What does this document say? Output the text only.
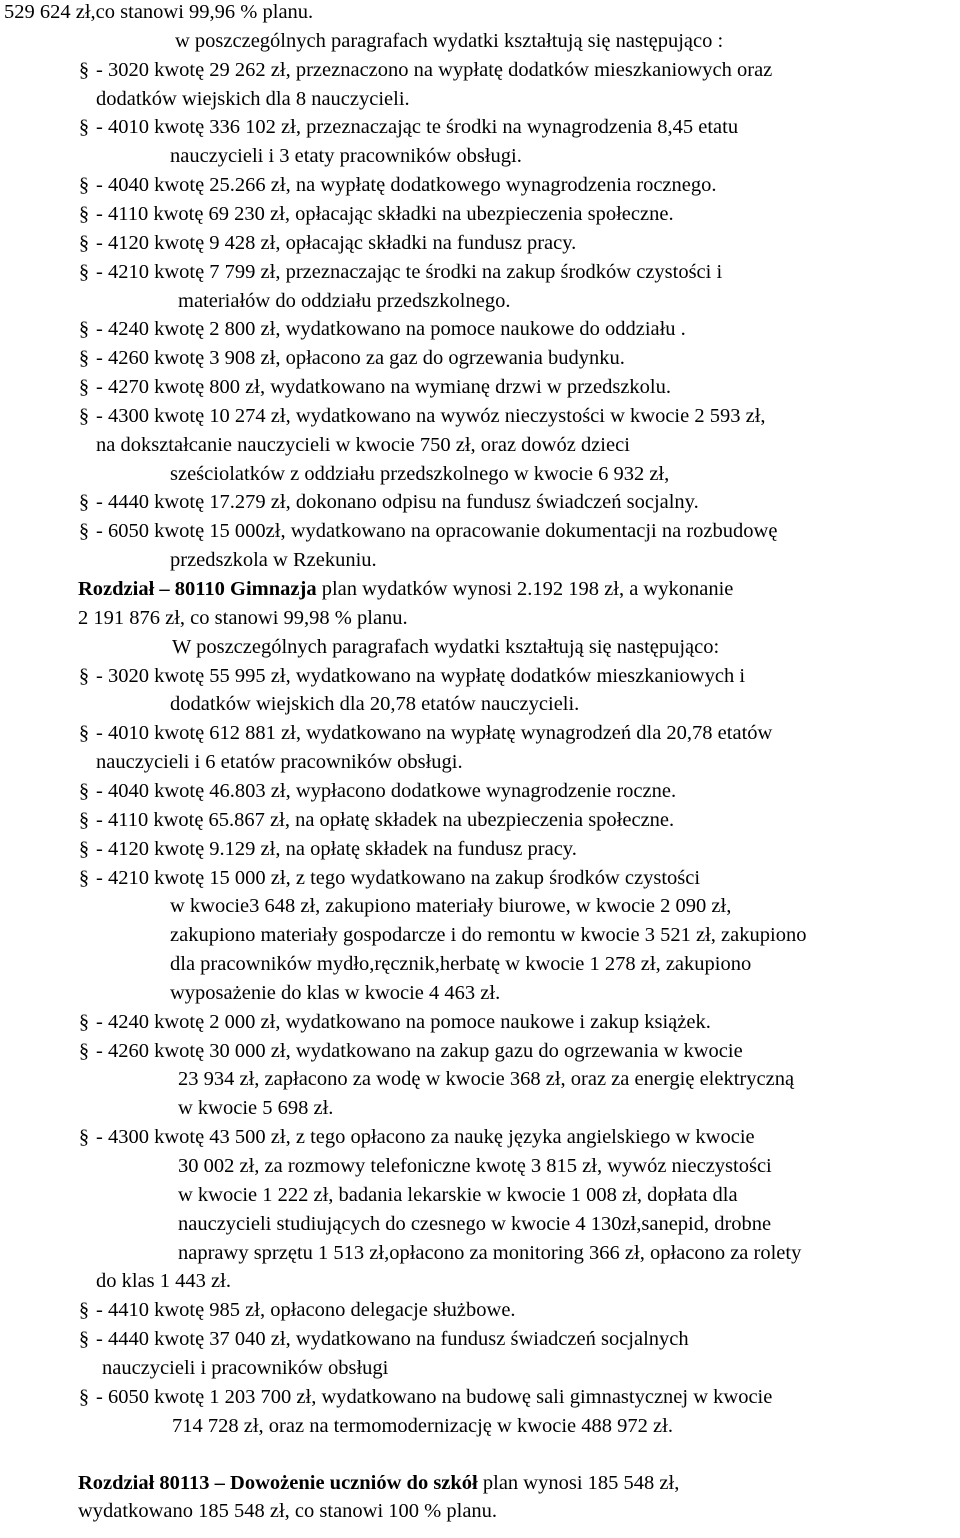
529 624 zł,co stanowi 99,96 % planu.
w poszczególnych paragrafach wydatki kształtują się następująco :
§ - 3020 kwotę 29 262 zł, przeznaczono na wypłatę dodatków mieszkaniowych oraz
dodatków wiejskich dla 8 nauczycieli.
§ - 4010 kwotę 336 102 zł, przeznaczając te środki na wynagrodzenia 8,45 etatu
nauczycieli i 3 etaty pracowników obsługi.
§ - 4040 kwotę 25.266 zł, na wypłatę dodatkowego wynagrodzenia rocznego.
§ - 4110 kwotę 69 230 zł, opłacając składki na ubezpieczenia społeczne.
§ - 4120 kwotę 9 428 zł, opłacając składki na fundusz pracy.
§ - 4210 kwotę 7 799 zł, przeznaczając te środki na zakup środków czystości i
materiałów do oddziału przedszkolnego.
§ - 4240 kwotę 2 800 zł, wydatkowano na pomoce naukowe do oddziału .
§ - 4260 kwotę 3 908 zł, opłacono za gaz do ogrzewania budynku.
§ - 4270 kwotę 800 zł, wydatkowano na wymianę drzwi w przedszkolu.
§ - 4300 kwotę 10 274 zł, wydatkowano na wywóz nieczystości w kwocie 2 593 zł,
na dokształcanie nauczycieli w kwocie 750 zł, oraz dowóz dzieci
sześciolatków z oddziału przedszkolnego w kwocie 6 932 zł,
§ - 4440 kwotę 17.279 zł, dokonano odpisu na fundusz świadczeń socjalny.
§ - 6050 kwotę 15 000zł, wydatkowano na opracowanie dokumentacji na rozbudowę
przedszkola w Rzekuniu.
Rozdział – 80110 Gimnazja plan wydatków wynosi 2.192 198 zł, a wykonanie
2 191 876 zł, co stanowi 99,98 % planu.
W poszczególnych paragrafach wydatki kształtują się następująco:
§ - 3020 kwotę 55 995 zł, wydatkowano na wypłatę dodatków mieszkaniowych i
dodatków wiejskich dla 20,78 etatów nauczycieli.
§ - 4010 kwotę 612 881 zł, wydatkowano na wypłatę wynagrodzeń dla 20,78 etatów
nauczycieli i 6 etatów pracowników obsługi.
§ - 4040 kwotę 46.803 zł, wypłacono dodatkowe wynagrodzenie roczne.
§ - 4110 kwotę 65.867 zł, na opłatę składek na ubezpieczenia społeczne.
§ - 4120 kwotę 9.129 zł, na opłatę składek na fundusz pracy.
§ - 4210 kwotę 15 000 zł, z tego wydatkowano na zakup środków czystości
w kwocie3 648 zł, zakupiono materiały biurowe, w kwocie 2 090 zł,
zakupiono materiały gospodarcze i do remontu w kwocie 3 521 zł, zakupiono
dla pracowników mydło,ręcznik,herbatę w kwocie 1 278 zł, zakupiono
wyposażenie do klas w kwocie 4 463 zł.
§ - 4240 kwotę 2 000 zł, wydatkowano na pomoce naukowe i zakup książek.
§ - 4260 kwotę 30 000 zł, wydatkowano na zakup gazu do ogrzewania w kwocie
23 934 zł, zapłacono za wodę w kwocie 368 zł, oraz za energię elektryczną
w kwocie 5 698 zł.
§ - 4300 kwotę 43 500 zł, z tego opłacono za naukę języka angielskiego w kwocie
30 002 zł, za rozmowy telefoniczne kwotę 3 815 zł, wywóz nieczystości
w kwocie 1 222 zł, badania lekarskie w kwocie 1 008 zł, dopłata dla
nauczycieli studiujących do czesnego w kwocie 4 130zł,sanepid, drobne
naprawy sprzętu 1 513 zł,opłacono za monitoring 366 zł, opłacono za rolety
do klas 1 443 zł.
§ - 4410 kwotę 985 zł, opłacono delegacje służbowe.
§ - 4440 kwotę 37 040 zł, wydatkowano na fundusz świadczeń socjalnych
nauczycieli i pracowników obsługi
§ - 6050 kwotę 1 203 700 zł, wydatkowano na budowę sali gimnastycznej w kwocie
714 728 zł, oraz na termomodernizację w kwocie 488 972 zł.
Rozdział 80113 – Dowożenie uczniów do szkół plan wynosi 185 548 zł,
wydatkowano 185 548 zł, co stanowi 100 % planu.
